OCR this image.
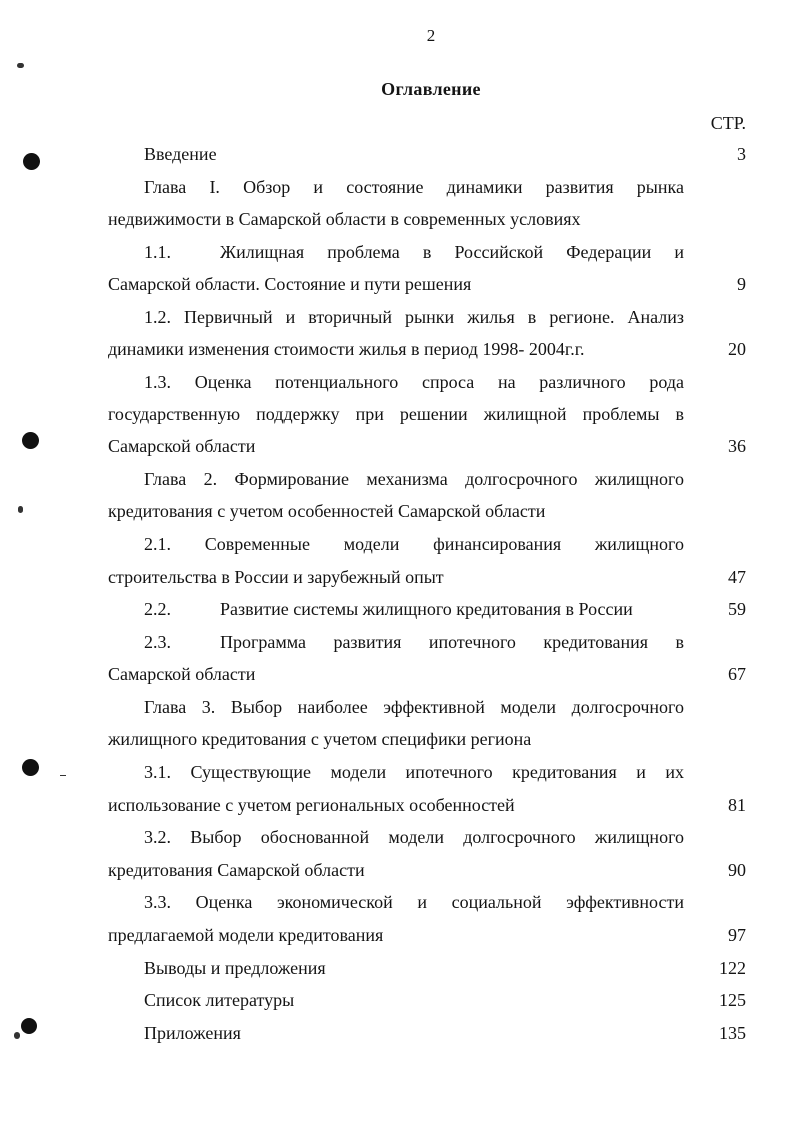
2
Оглавление
СТР.
Введение	3
Глава I. Обзор и состояние динамики развития рынка
недвижимости в Самарской области в современных условиях
1.1.	Жилищная проблема в Российской Федерации и
Самарской области. Состояние и пути решения	9
1.2. Первичный и вторичный рынки жилья в регионе. Анализ
динамики изменения стоимости жилья в период 1998- 2004г.г.	20
1.3. Оценка потенциального спроса на различного рода
государственную поддержку при решении жилищной проблемы в
Самарской области	36
Глава 2. Формирование механизма долгосрочного жилищного
кредитования с учетом особенностей Самарской области
2.1. Современные модели финансирования жилищного
строительства в России и зарубежный опыт	47
2.2.	Развитие системы жилищного кредитования в России	59
2.3.	Программа развития ипотечного кредитования в
Самарской области	67
Глава 3. Выбор наиболее эффективной модели долгосрочного
жилищного кредитования с учетом специфики региона
3.1. Существующие модели ипотечного кредитования и их
использование с учетом региональных особенностей	81
3.2. Выбор обоснованной модели долгосрочного жилищного
кредитования Самарской области	90
3.3. Оценка экономической и социальной эффективности
предлагаемой модели кредитования	97
Выводы и предложения	122
Список литературы	125
Приложения	135
